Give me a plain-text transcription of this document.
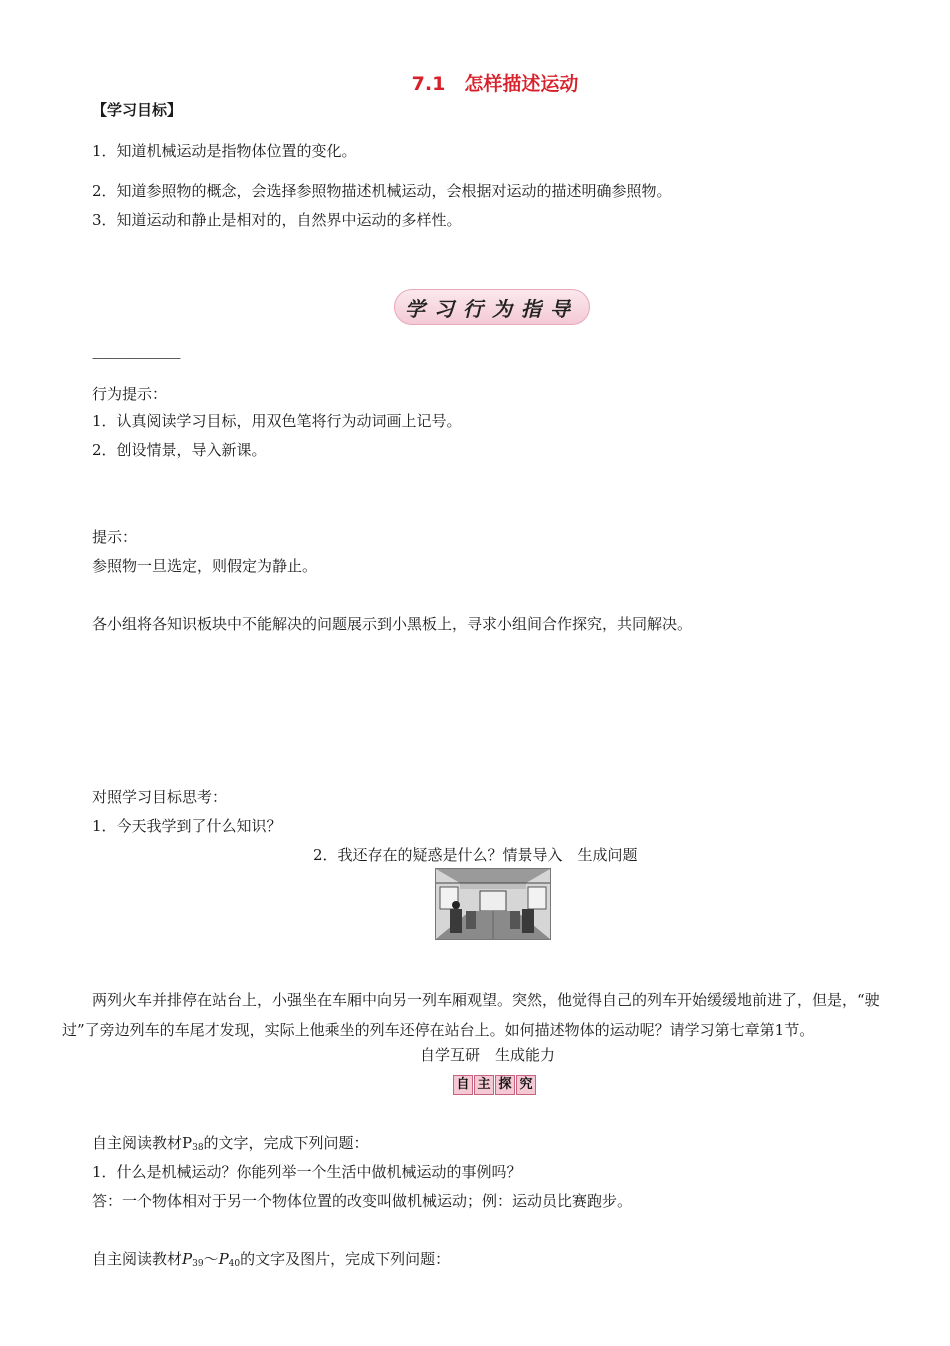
7.1　怎样描述运动
【学习目标】
1．知道机械运动是指物体位置的变化。
2．知道参照物的概念，会选择参照物描述机械运动，会根据对运动的描述明确参照物。
3．知道运动和静止是相对的，自然界中运动的多样性。
学习行为指导
————————
行为提示：
1．认真阅读学习目标，用双色笔将行为动词画上记号。
2．创设情景，导入新课。
提示：
参照物一旦选定，则假定为静止。
各小组将各知识板块中不能解决的问题展示到小黑板上，寻求小组间合作探究，共同解决。
对照学习目标思考：
1．今天我学到了什么知识？
2．我还存在的疑惑是什么？情景导入　生成问题
两列火车并排停在站台上，小强坐在车厢中向另一列车厢观望。突然，他觉得自己的列车开始缓缓地前进了，但是，“驶过”了旁边列车的车尾才发现，实际上他乘坐的列车还停在站台上。如何描述物体的运动呢？请学习第七章第1节。
自学互研　生成能力
自 主 探 究
自主阅读教材$P_{38}$的文字，完成下列问题：
1．什么是机械运动？你能列举一个生活中做机械运动的事例吗？
答：一个物体相对于另一个物体位置的改变叫做机械运动；例：运动员比赛跑步。
自主阅读教材$P_{39}\sim P_{40}$的文字及图片，完成下列问题：
